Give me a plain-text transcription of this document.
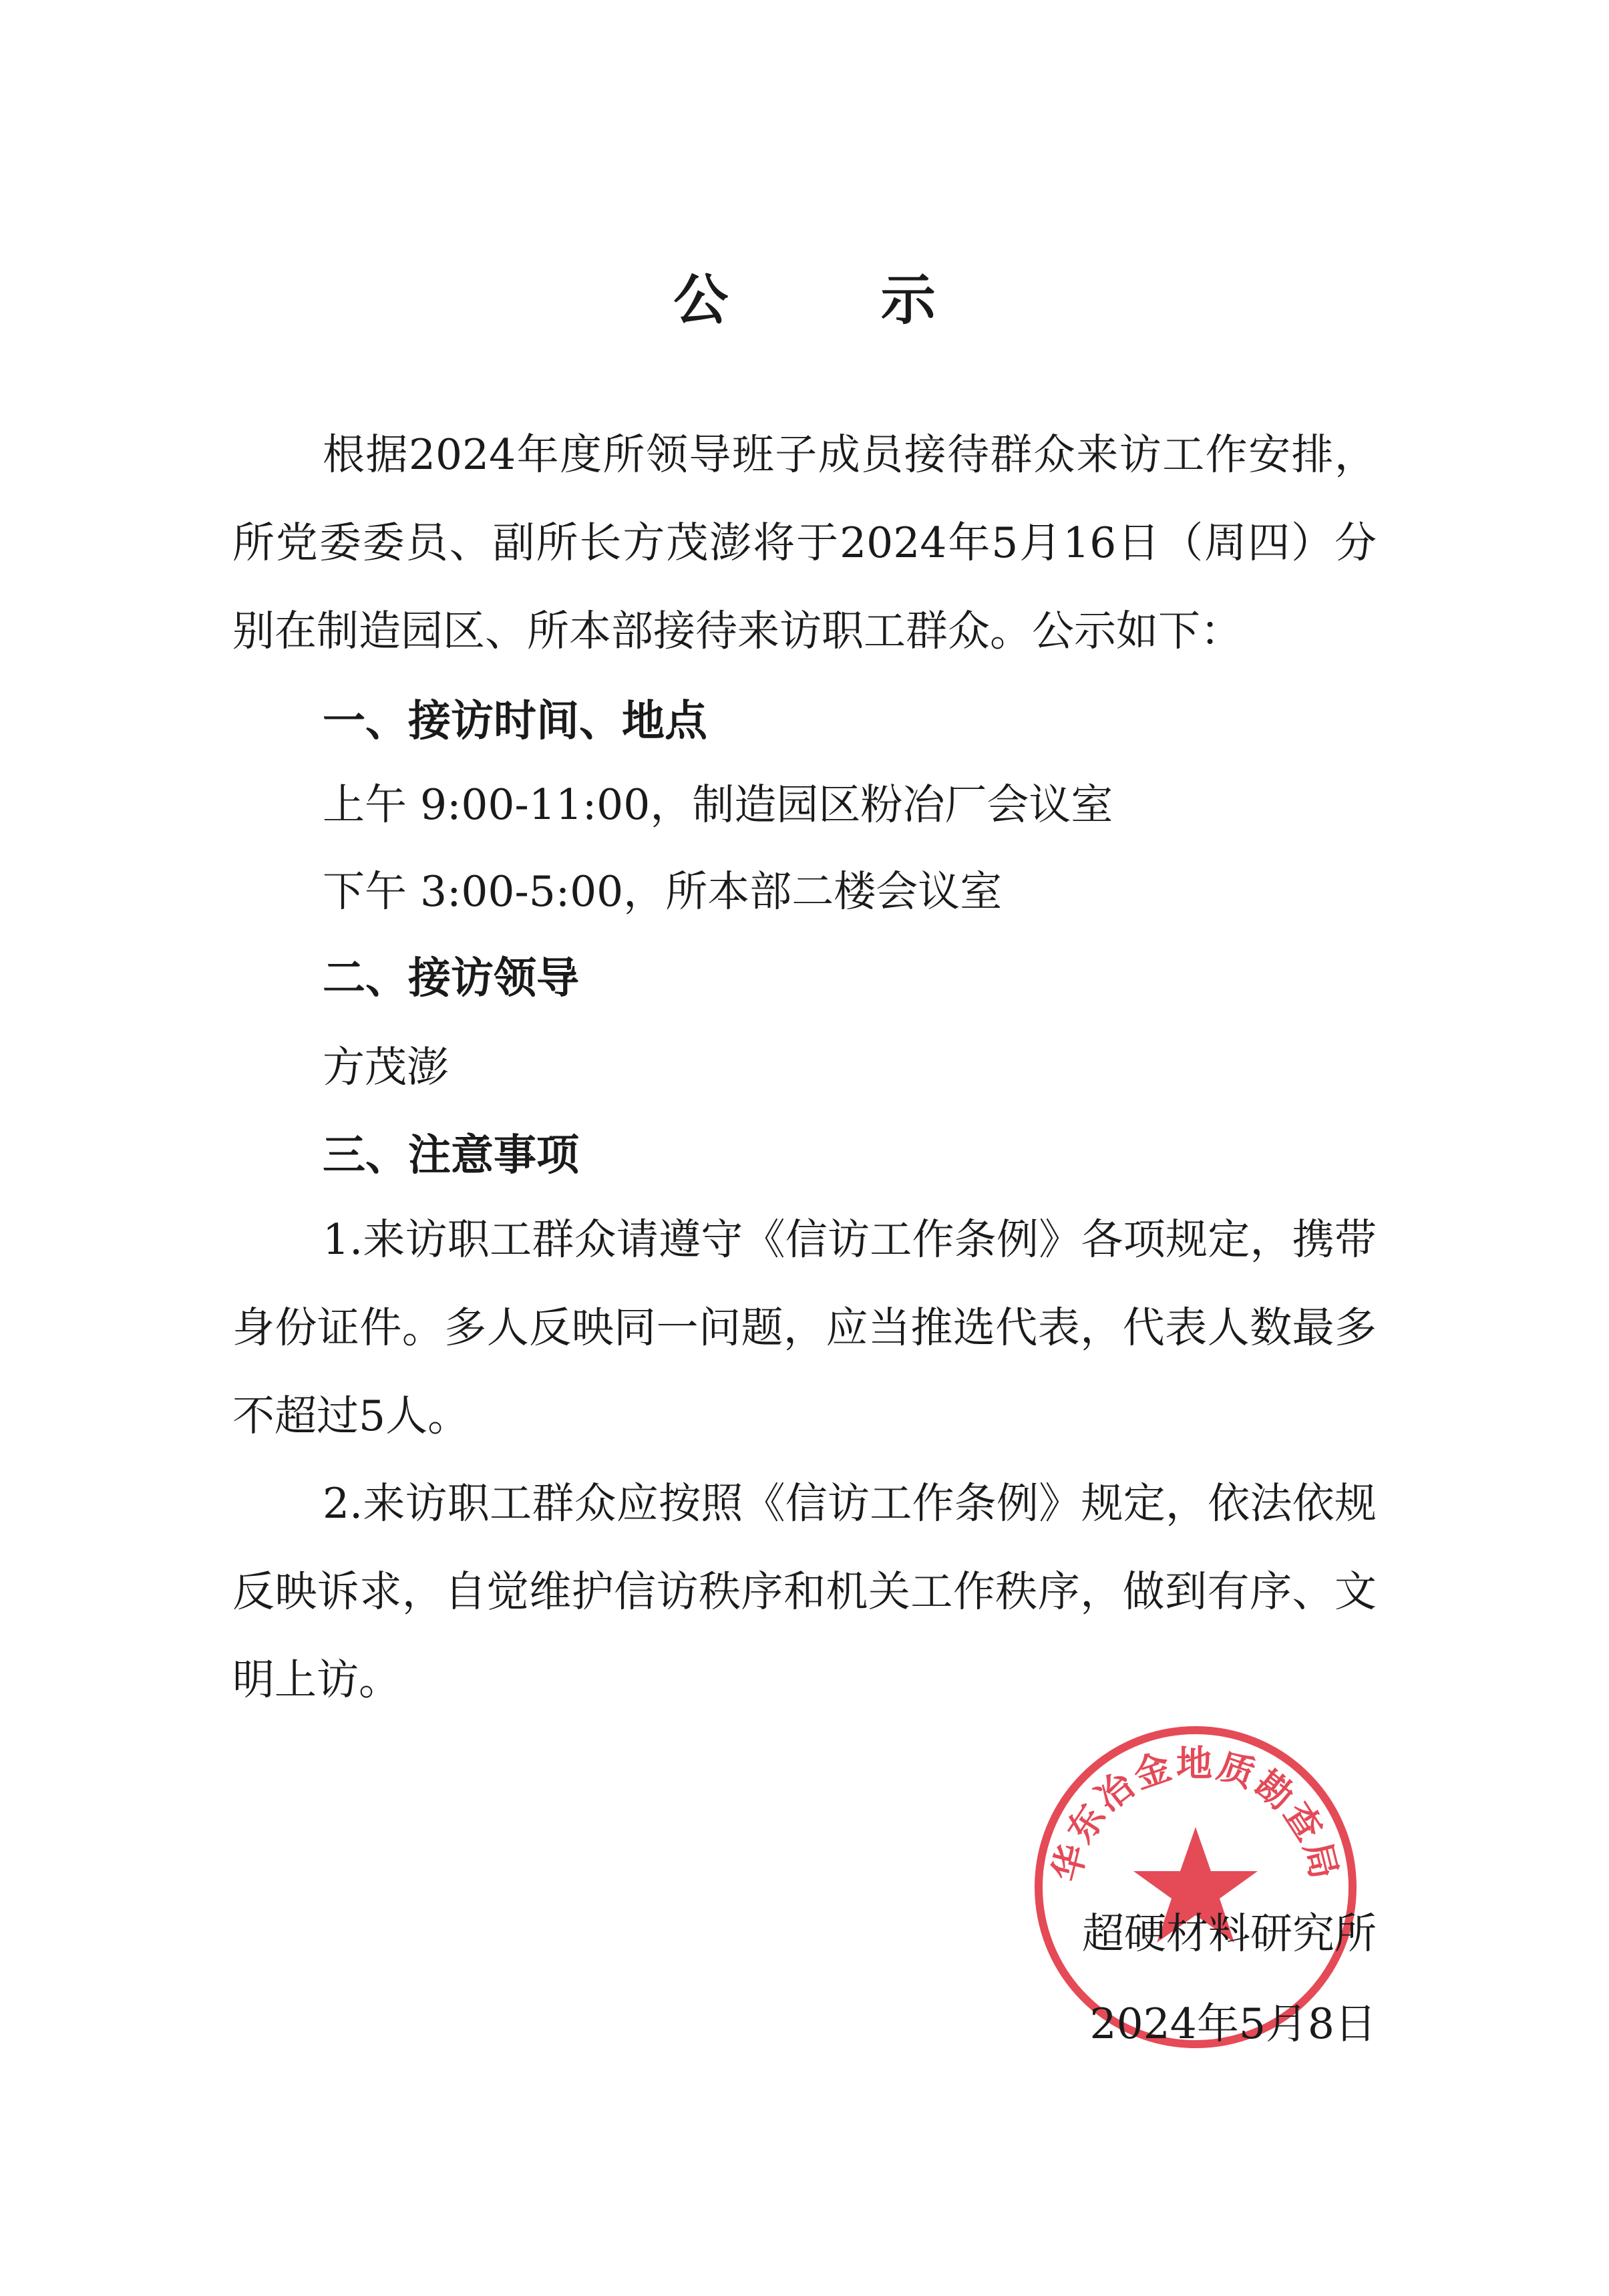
公 示

根据2024年度所领导班子成员接待群众来访工作安排，所党委委员、副所长方茂澎将于2024年5月16日（周四）分别在制造园区、所本部接待来访职工群众。公示如下：

一、接访时间、地点
上午 9:00-11:00，制造园区粉冶厂会议室
下午 3:00-5:00，所本部二楼会议室
二、接访领导
方茂澎
三、注意事项

1.来访职工群众请遵守《信访工作条例》各项规定，携带身份证件。多人反映同一问题，应当推选代表，代表人数最多不超过5人。

2.来访职工群众应按照《信访工作条例》规定，依法依规反映诉求，自觉维护信访秩序和机关工作秩序，做到有序、文明上访。

华东冶金地质勘查局
超硬材料研究所
2024年5月8日
